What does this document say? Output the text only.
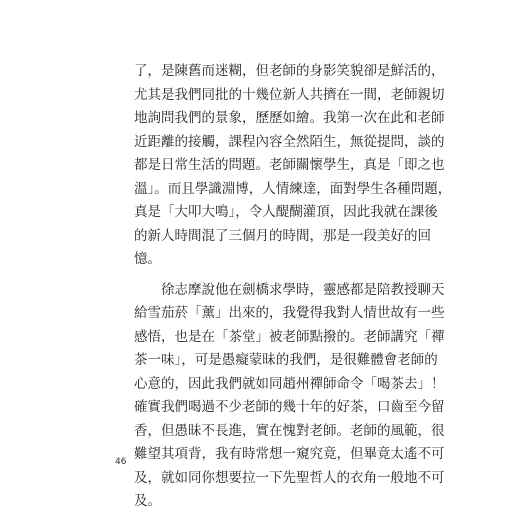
了，是陳舊而迷糊，但老師的身影笑貌卻是鮮活的，
尤其是我們同批的十幾位新人共擠在一間，老師親切
地詢問我們的景象，歷歷如繪。我第一次在此和老師
近距離的接觸，課程內容全然陌生，無從提問，談的
都是日常生活的問題。老師關懷學生，真是「即之也
溫」。而且學識淵博，人情練達，面對學生各種問題，
真是「大叩大鳴」，令人醍醐灌頂，因此我就在課後
的新人時間混了三個月的時間，那是一段美好的回
憶。
　　徐志摩說他在劍橋求學時，靈感都是陪教授聊天
給雪茄菸「薰」出來的，我覺得我對人情世故有一些
感悟，也是在「茶堂」被老師點撥的。老師講究「禪
茶一味」，可是愚癡蒙昧的我們，是很難體會老師的
心意的，因此我們就如同趙州禪師命令「喝茶去」！
確實我們喝過不少老師的幾十年的好茶，口齒至今留
香，但愚昧不長進，實在愧對老師。老師的風範，很
難望其項背，我有時常想一窺究竟，但畢竟太遙不可
及，就如同你想要拉一下先聖哲人的衣角一般地不可
及。
46
